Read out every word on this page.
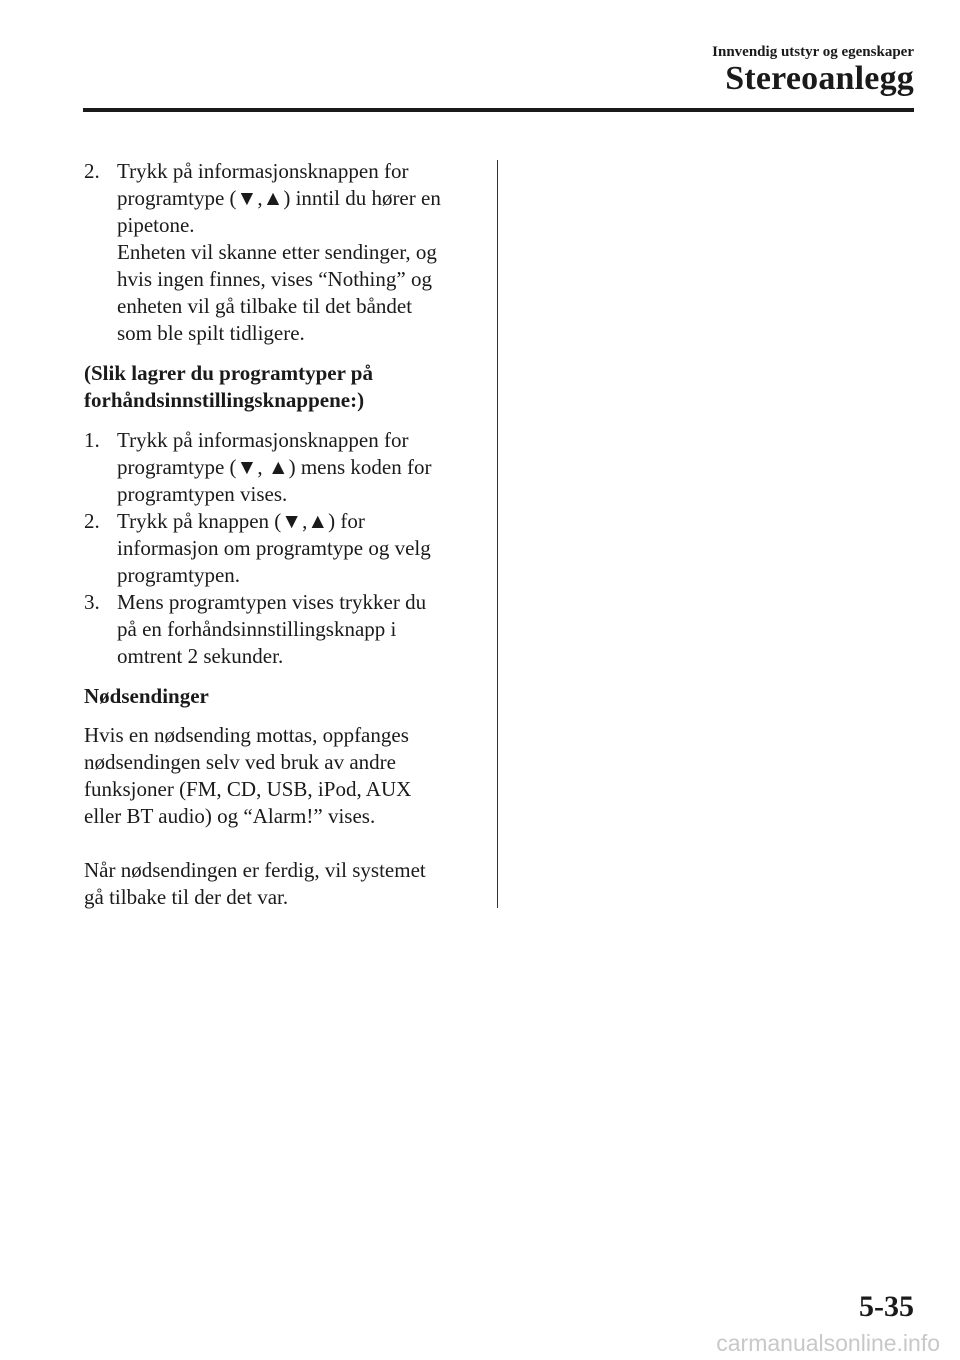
Innvendig utstyr og egenskaper
Stereoanlegg
2. Trykk på informasjonsknappen for

programtype (▼,▲) inntil du hører en

pipetone.

Enheten vil skanne etter sendinger, og

hvis ingen finnes, vises “Nothing” og

enheten vil gå tilbake til det båndet

som ble spilt tidligere.

(Slik lagrer du programtyper på

forhåndsinnstillingsknappene:)

1. Trykk på informasjonsknappen for

programtype (▼, ▲) mens koden for

programtypen vises.

2. Trykk på knappen (▼,▲) for

informasjon om programtype og velg

programtypen.

3. Mens programtypen vises trykker du

på en forhåndsinnstillingsknapp i

omtrent 2 sekunder.

Nødsendinger

Hvis en nødsending mottas, oppfanges

nødsendingen selv ved bruk av andre

funksjoner (FM, CD, USB, iPod, AUX

eller BT audio) og “Alarm!” vises.

Når nødsendingen er ferdig, vil systemet

gå tilbake til der det var.

5-35
carmanualsonline.info
